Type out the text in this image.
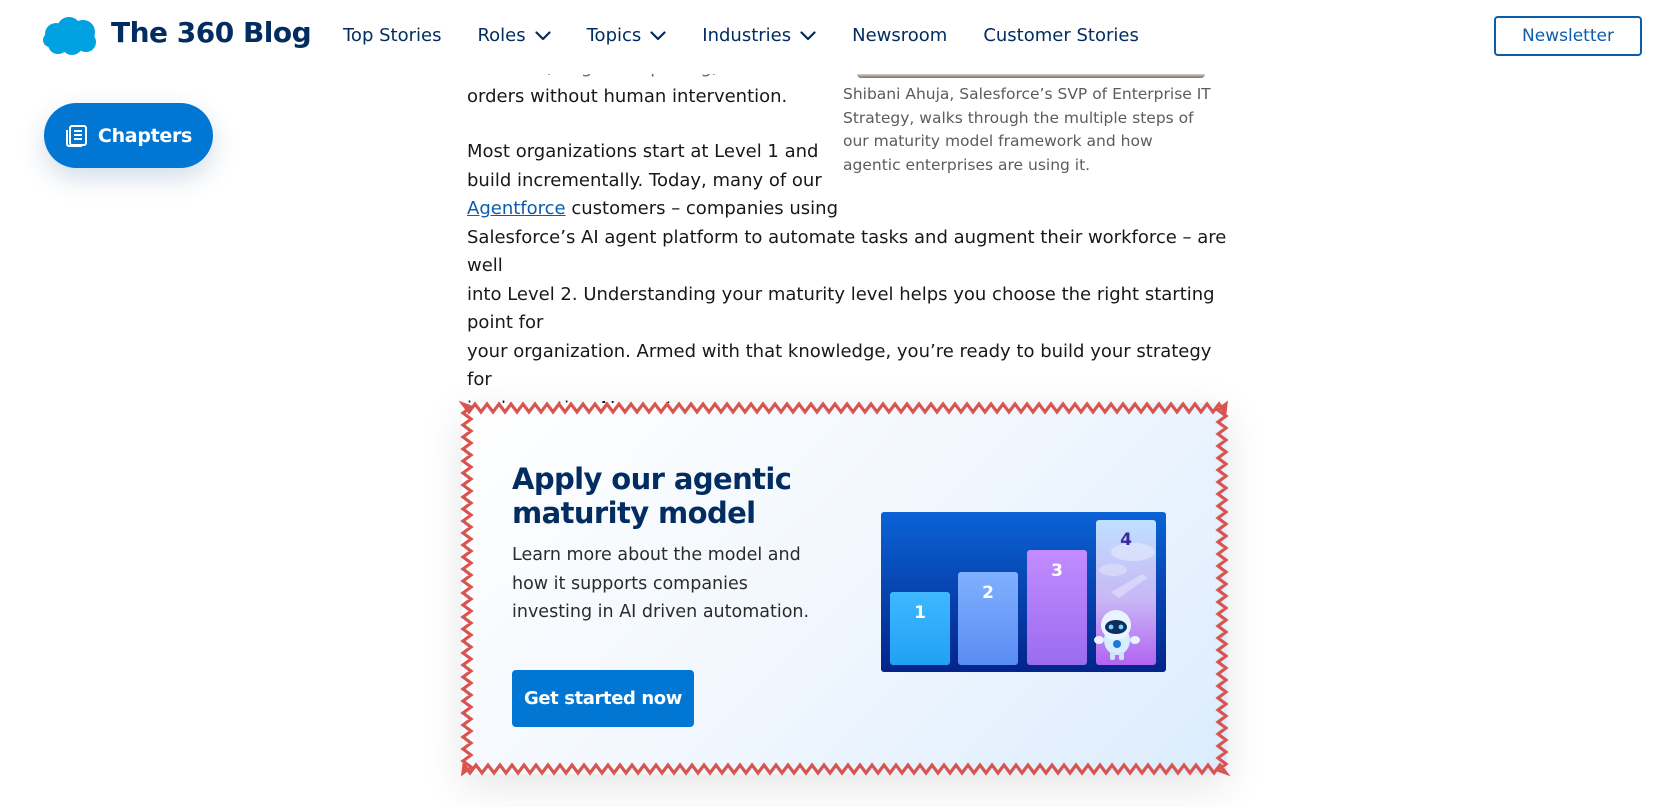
The 360 Blog Top Stories Roles	Topics	Industries	Newsroom Customer Stories	Newsletter
Chapters
Shibani Ahuja, Salesforce’s SVP of Enterprise IT Strategy, walks through the multiple steps of our maturity model framework and how agentic enterprises are using it.

orders without human intervention.

Most organizations start at Level 1 and

build incrementally. Today, many of our

Agentforce customers – companies using

Salesforce’s AI agent platform to automate tasks and augment their workforce – are well

into Level 2. Understanding your maturity level helps you choose the right starting point for

your organization. Armed with that knowledge, you’re ready to build your strategy for

Apply our agentic maturity model
Learn more about the model and how it supports companies investing in AI driven automation.
Get started now
1
2
3
4
